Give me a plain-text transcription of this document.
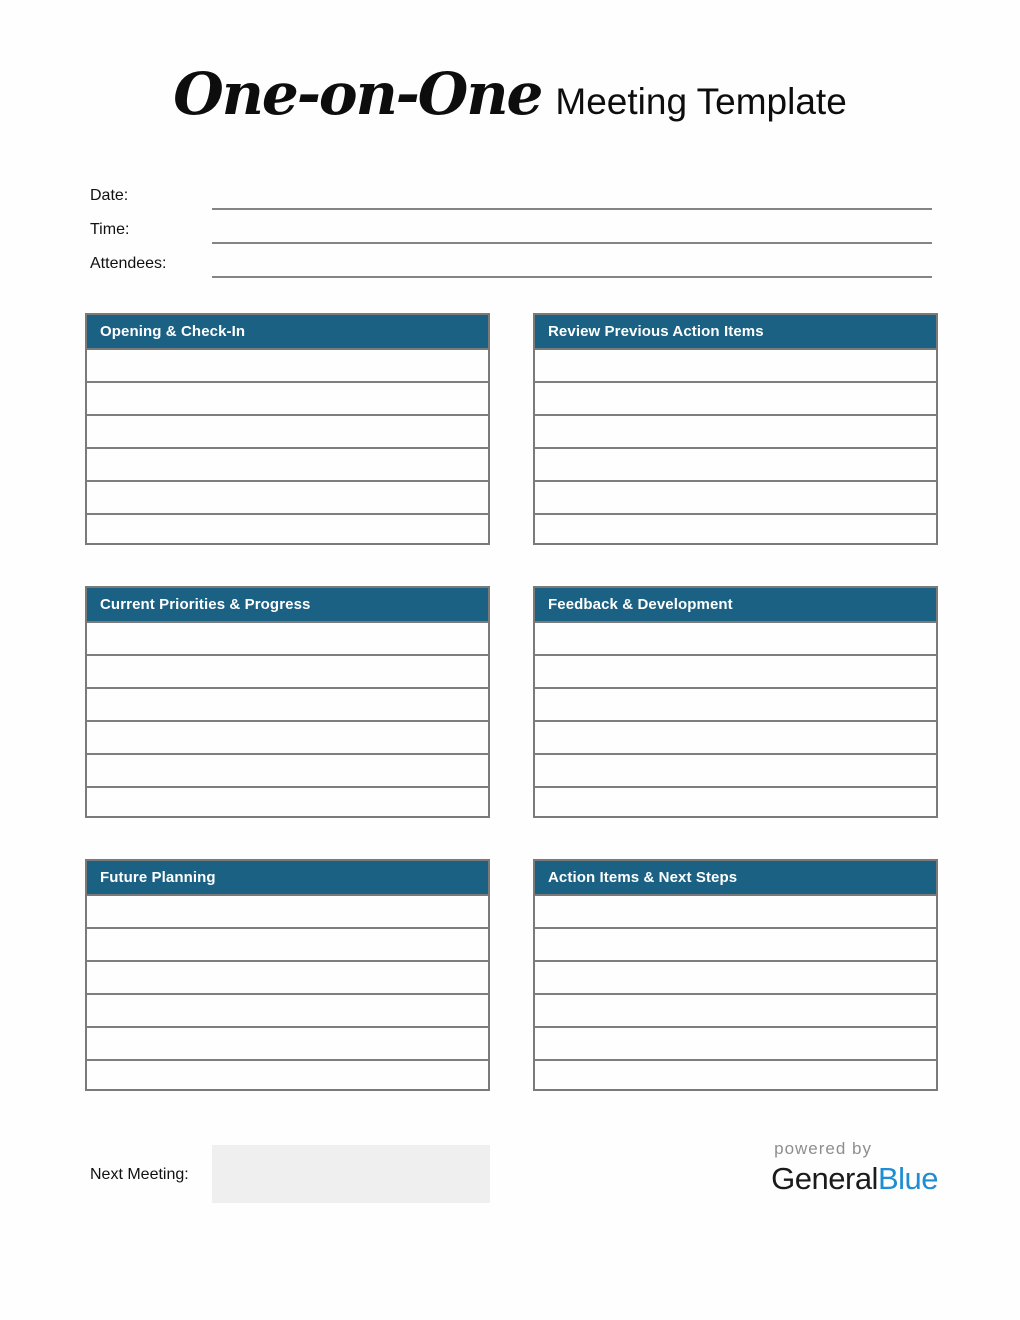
One-on-One Meeting Template
Date:
Time:
Attendees:
Opening & Check-In	Review Previous Action Items
Current Priorities & Progress	Feedback & Development
Future Planning	Action Items & Next Steps
Next Meeting:
powered by
GeneralBlue
